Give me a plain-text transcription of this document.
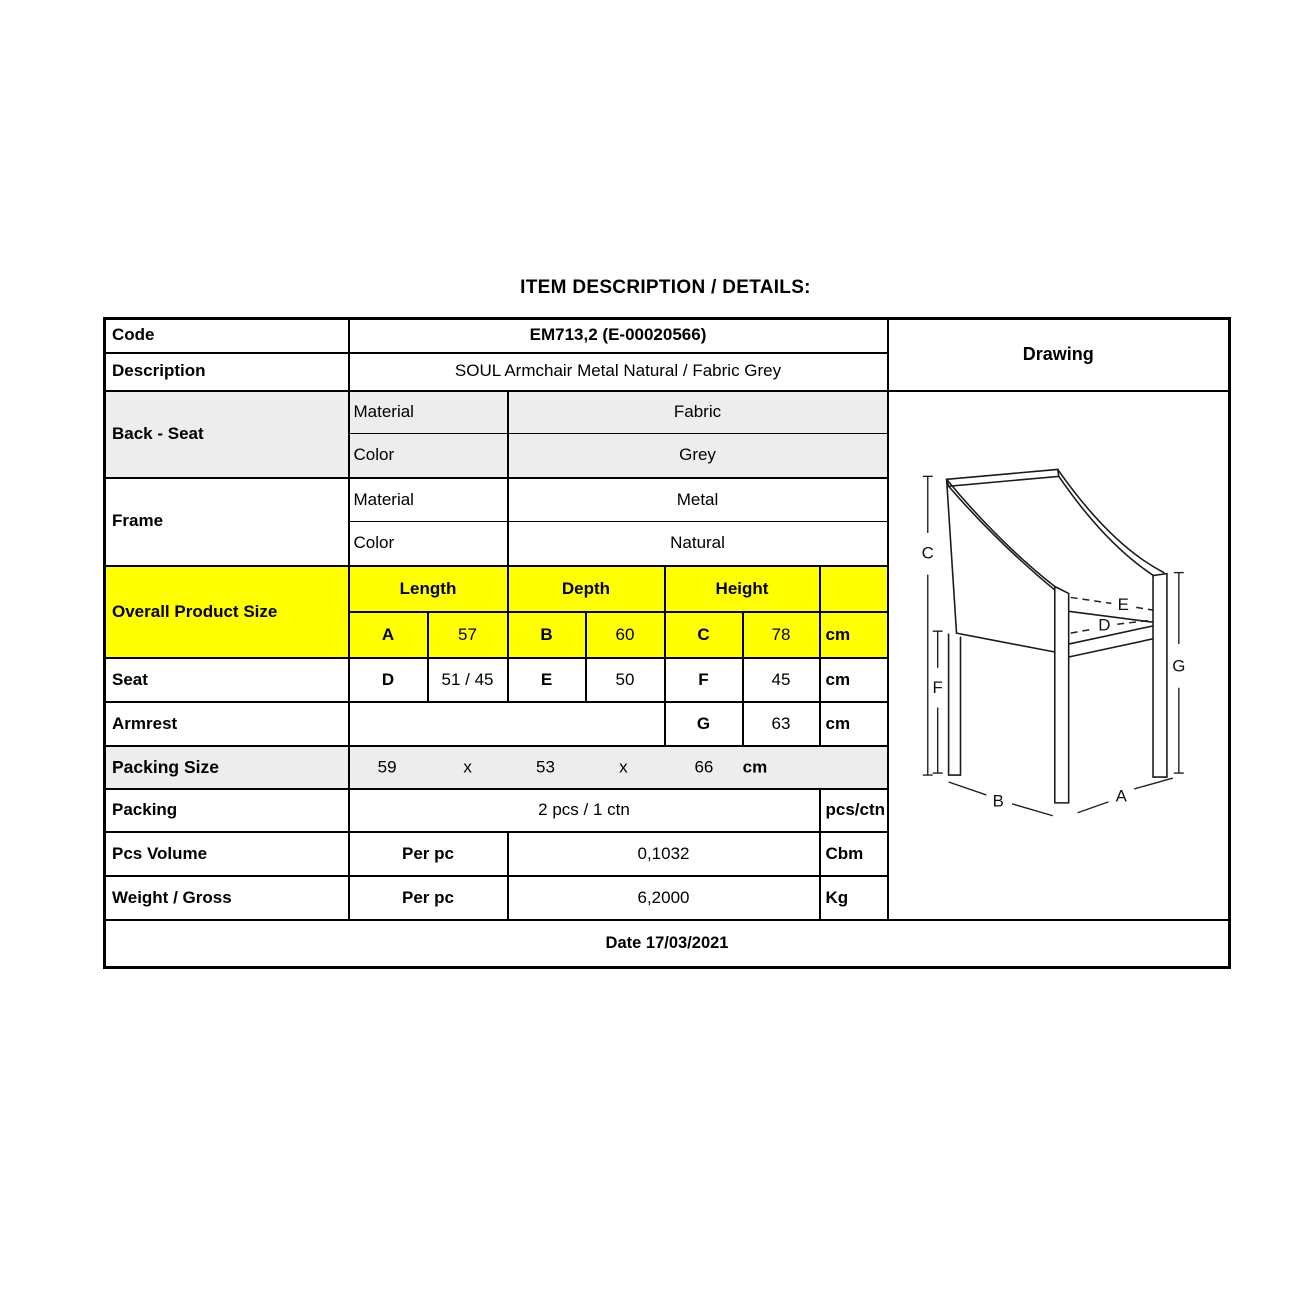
ITEM DESCRIPTION / DETAILS:
Code	EM713,2 (E-00020566)							Drawing
Description	SOUL Armchair Metal Natural / Fabric Grey							
Back - Seat	Material	Fabric	
C
F
G
E
D
B	A

	Color		Grey					
Frame	Material		Metal					
	Color		Natural					
Overall Product Size	Length		Depth		Height			
	A	57	B	60	C	78	cm	
Seat	D	51 / 45	E	50	F	45	cm	
Armrest					G	63	cm	
Packing Size	59	x	53	x	66 cm

Packing	2 pcs / 1 ctn						pcs/ctn	
Pcs Volume	Per pc		0,1032				Cbm	
Weight / Gross	Per pc		6,2000				Kg	
Date 17/03/2021								
